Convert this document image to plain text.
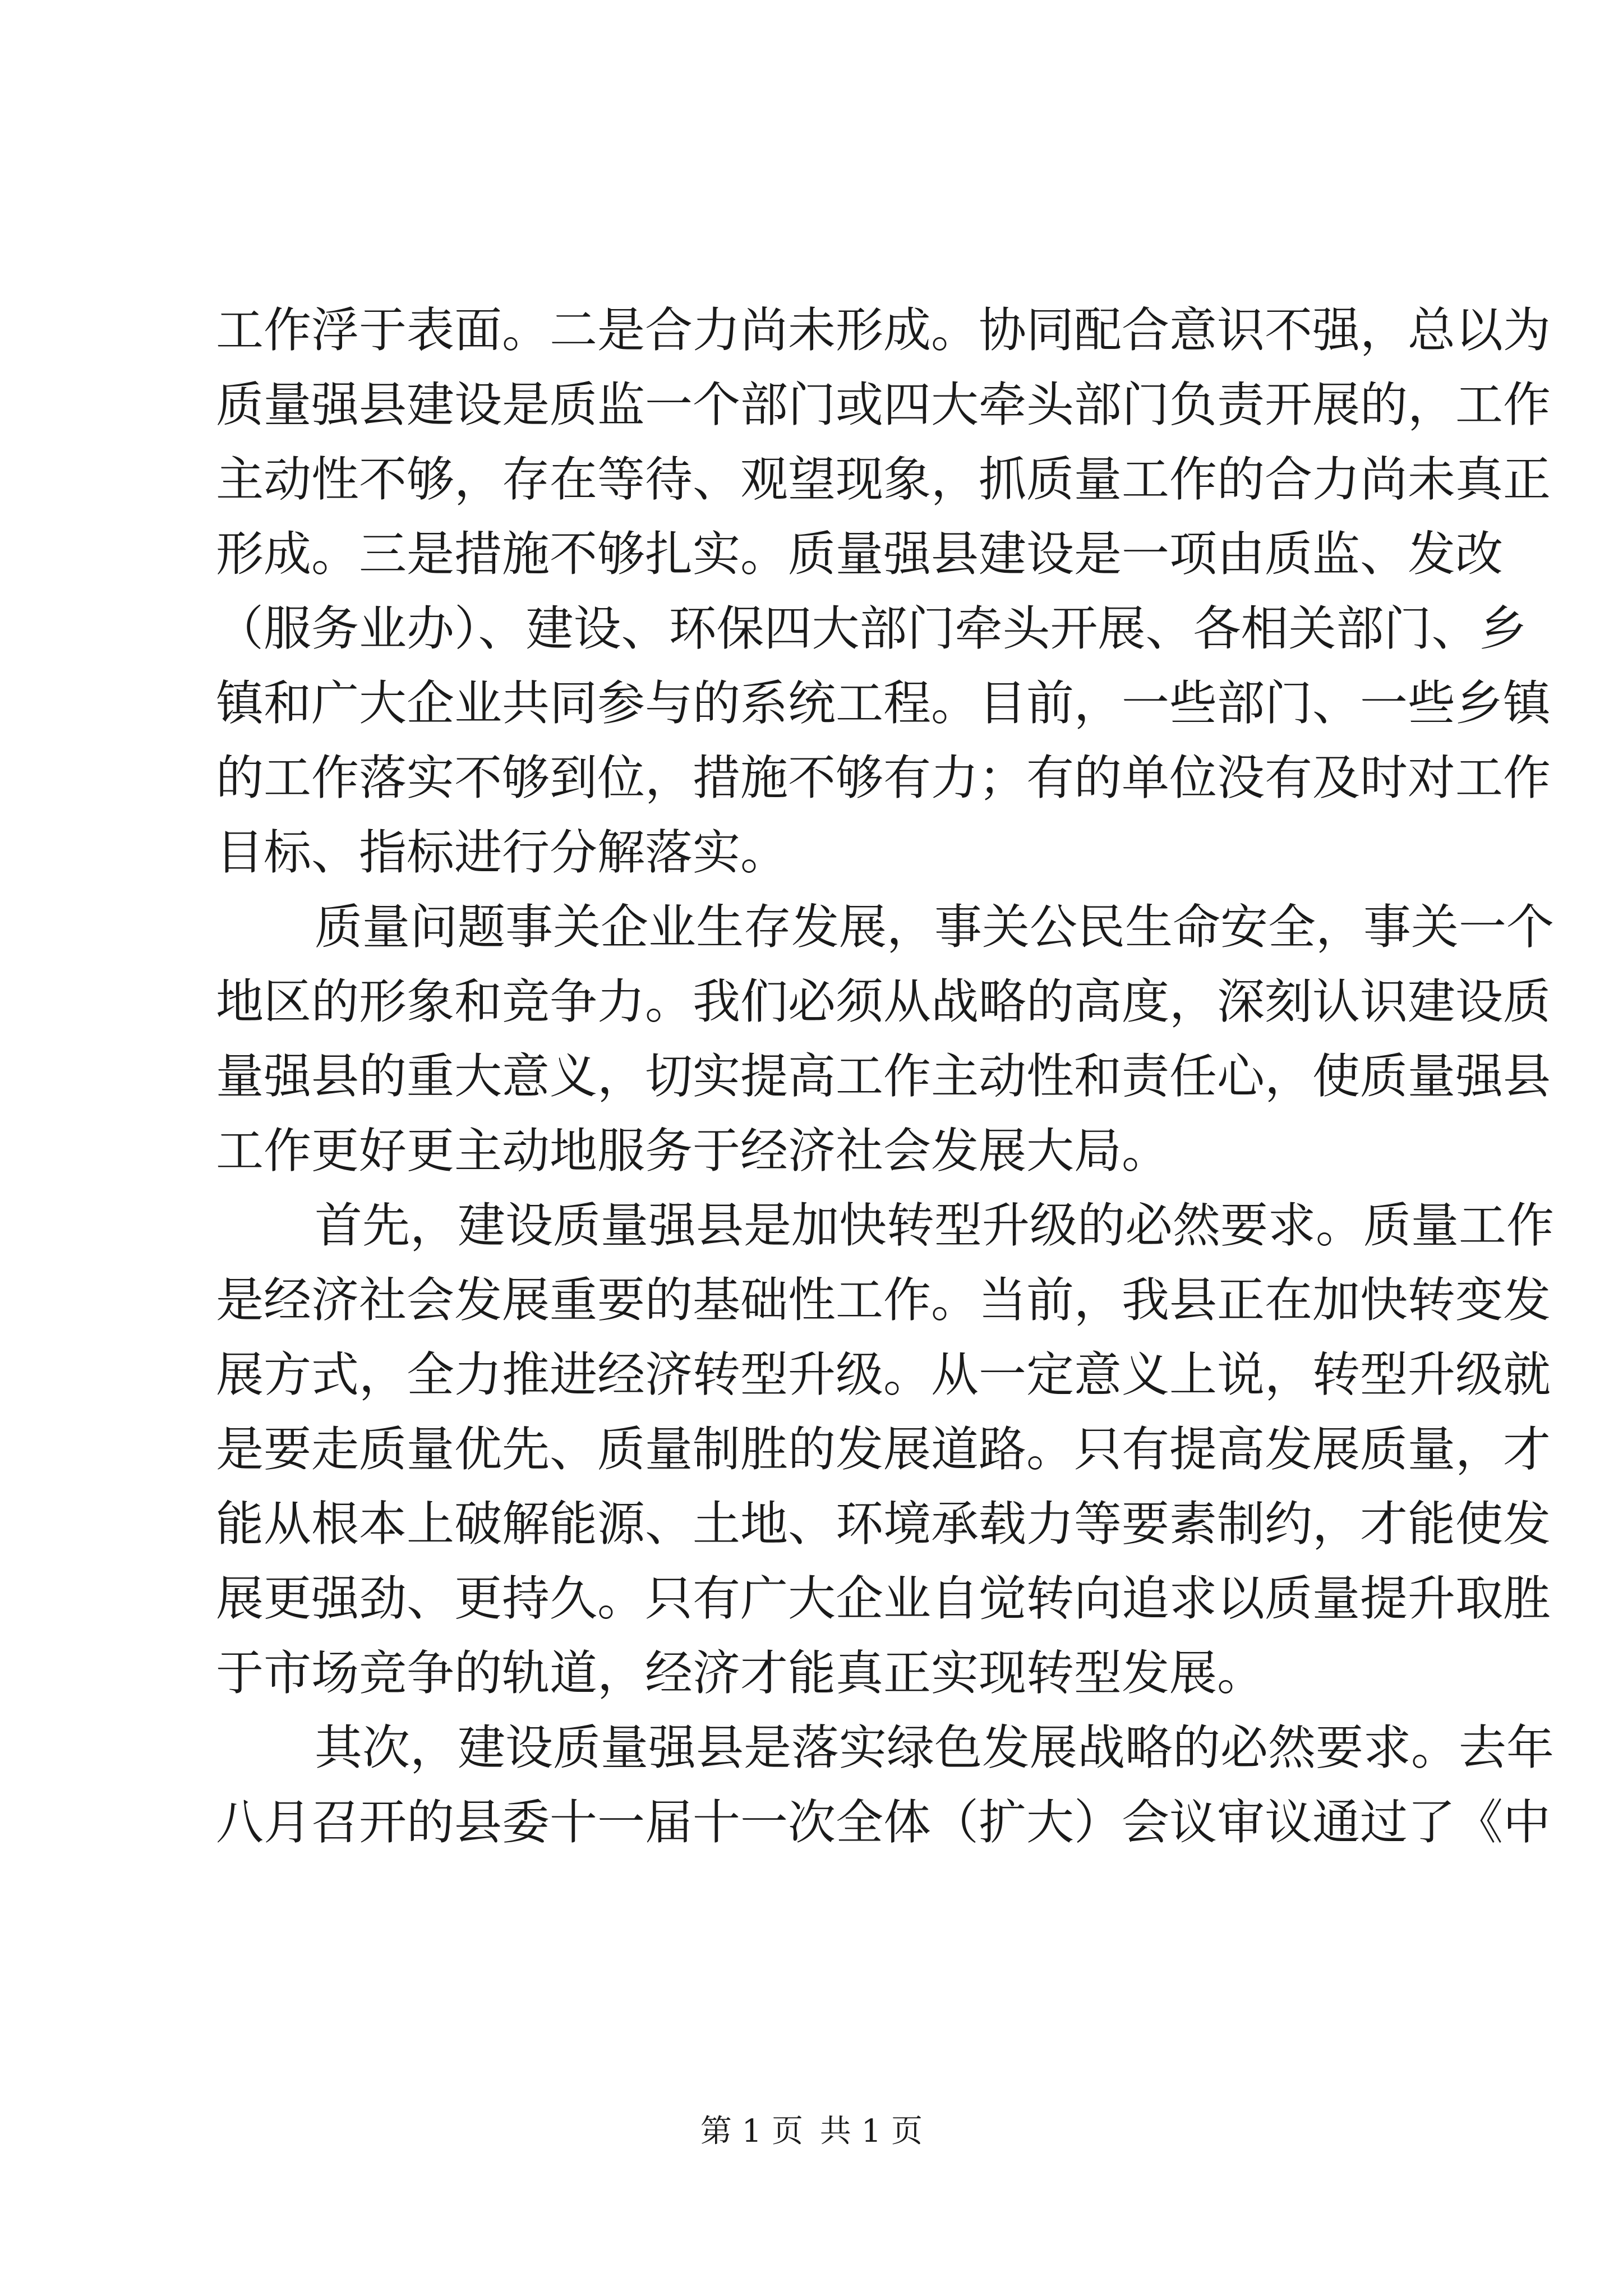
工作浮于表面。二是合力尚未形成。协同配合意识不强，总以为
质量强县建设是质监一个部门或四大牵头部门负责开展的，工作
主动性不够，存在等待、观望现象，抓质量工作的合力尚未真正
形成。三是措施不够扎实。质量强县建设是一项由质监、发改
（服务业办）、建设、环保四大部门牵头开展、各相关部门、乡
镇和广大企业共同参与的系统工程。目前，一些部门、一些乡镇
的工作落实不够到位，措施不够有力；有的单位没有及时对工作
目标、指标进行分解落实。
质量问题事关企业生存发展，事关公民生命安全，事关一个
地区的形象和竞争力。我们必须从战略的高度，深刻认识建设质
量强县的重大意义，切实提高工作主动性和责任心，使质量强县
工作更好更主动地服务于经济社会发展大局。
首先，建设质量强县是加快转型升级的必然要求。质量工作
是经济社会发展重要的基础性工作。当前，我县正在加快转变发
展方式，全力推进经济转型升级。从一定意义上说，转型升级就
是要走质量优先、质量制胜的发展道路。只有提高发展质量，才
能从根本上破解能源、土地、环境承载力等要素制约，才能使发
展更强劲、更持久。只有广大企业自觉转向追求以质量提升取胜
于市场竞争的轨道，经济才能真正实现转型发展。
其次，建设质量强县是落实绿色发展战略的必然要求。去年
八月召开的县委十一届十一次全体（扩大）会议审议通过了《中
第 1 页 共 1 页
